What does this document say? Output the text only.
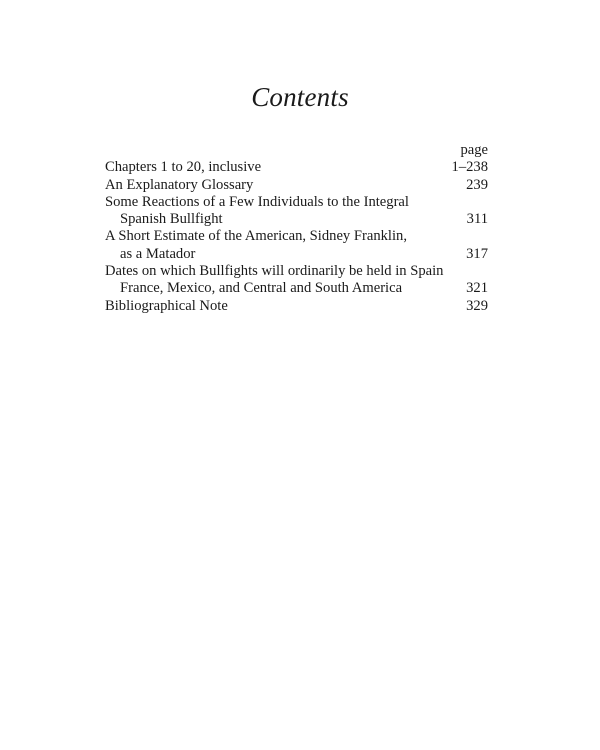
Contents
page
Chapters 1 to 20, inclusive	1–238
An Explanatory Glossary	239
Some Reactions of a Few Individuals to the Integral
Spanish Bullfight	311
A Short Estimate of the American, Sidney Franklin,
as a Matador	317
Dates on which Bullfights will ordinarily be held in Spain
France, Mexico, and Central and South America	321
Bibliographical Note	329
